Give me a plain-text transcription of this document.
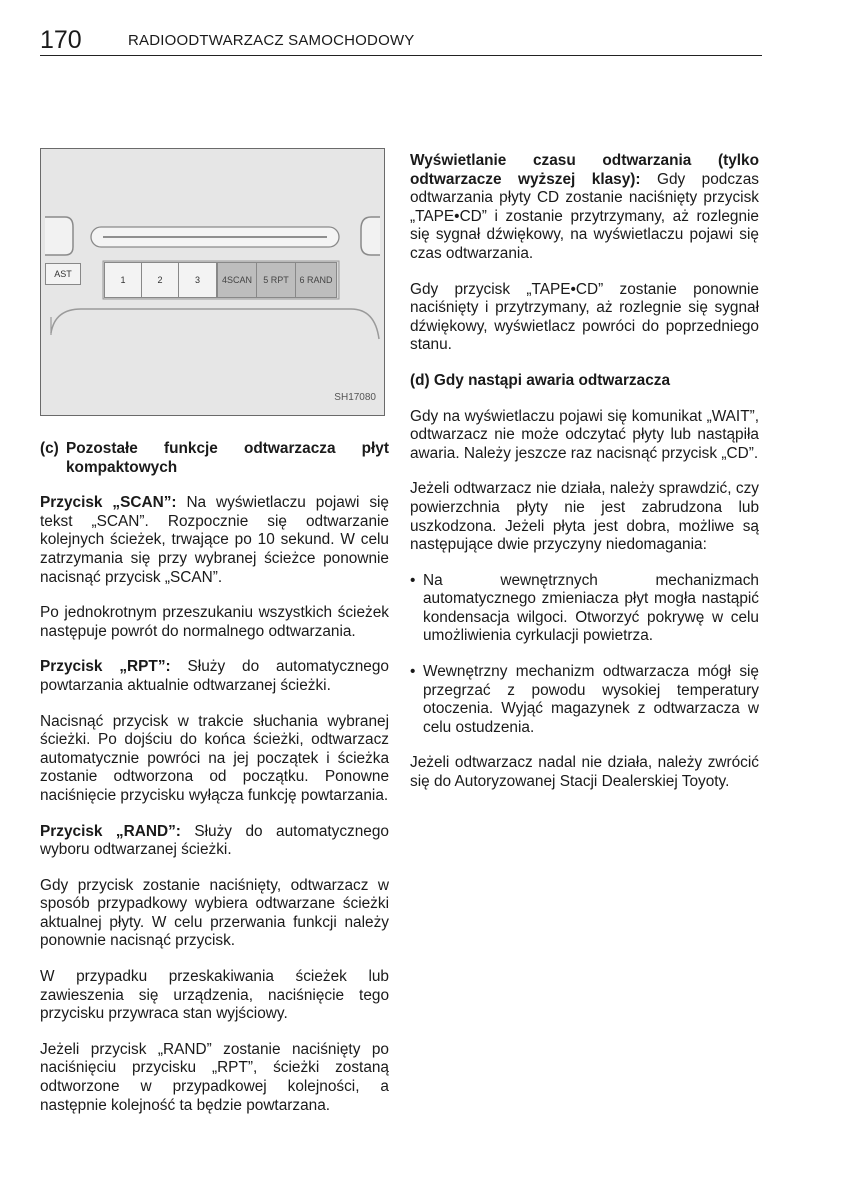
170	RADIOODTWARZACZ SAMOCHODOWY
AST
1	2	3	4SCAN	5 RPT	6 RAND
SH17080
(c) Pozostałe funkcje odtwarzacza płyt kompaktowych

Przycisk „SCAN”: Na wyświetlaczu pojawi się tekst „SCAN”. Rozpocznie się odtwarzanie kolejnych ścieżek, trwające po 10 sekund. W celu zatrzymania się przy wybranej ścieżce ponownie nacisnąć przycisk „SCAN”.

Po jednokrotnym przeszukaniu wszystkich ścieżek następuje powrót do normalnego odtwarzania.

Przycisk „RPT”: Służy do automatycznego powtarzania aktualnie odtwarzanej ścieżki.

Nacisnąć przycisk w trakcie słuchania wybranej ścieżki. Po dojściu do końca ścieżki, odtwarzacz automatycznie powróci na jej początek i ścieżka zostanie odtworzona od początku. Ponowne naciśnięcie przycisku wyłącza funkcję powtarzania.

Przycisk „RAND”: Służy do automatycznego wyboru odtwarzanej ścieżki.

Gdy przycisk zostanie naciśnięty, odtwarzacz w sposób przypadkowy wybiera odtwarzane ścieżki aktualnej płyty. W celu przerwania funkcji należy ponownie nacisnąć przycisk.

W przypadku przeskakiwania ścieżek lub zawieszenia się urządzenia, naciśnięcie tego przycisku przywraca stan wyjściowy.

Jeżeli przycisk „RAND” zostanie naciśnięty po naciśnięciu przycisku „RPT”, ścieżki zostaną odtworzone w przypadkowej kolejności, a następnie kolejność ta będzie powtarzana.

Wyświetlanie czasu odtwarzania (tylko odtwarzacze wyższej klasy): Gdy podczas odtwarzania płyty CD zostanie naciśnięty przycisk „TAPE•CD” i zostanie przytrzymany, aż rozlegnie się sygnał dźwiękowy, na wyświetlaczu pojawi się czas odtwarzania.

Gdy przycisk „TAPE•CD” zostanie ponownie naciśnięty i przytrzymany, aż rozlegnie się sygnał dźwiękowy, wyświetlacz powróci do poprzedniego stanu.

(d) Gdy nastąpi awaria odtwarzacza

Gdy na wyświetlaczu pojawi się komunikat „WAIT”, odtwarzacz nie może odczytać płyty lub nastąpiła awaria. Należy jeszcze raz nacisnąć przycisk „CD”.

Jeżeli odtwarzacz nie działa, należy sprawdzić, czy powierzchnia płyty nie jest zabrudzona lub uszkodzona. Jeżeli płyta jest dobra, możliwe są następujące dwie przyczyny niedomagania:

• Na wewnętrznych mechanizmach automatycznego zmieniacza płyt mogła nastąpić kondensacja wilgoci. Otworzyć pokrywę w celu umożliwienia cyrkulacji powietrza.
• Wewnętrzny mechanizm odtwarzacza mógł się przegrzać z powodu wysokiej temperatury otoczenia. Wyjąć magazynek z odtwarzacza w celu ostudzenia.

Jeżeli odtwarzacz nadal nie działa, należy zwrócić się do Autoryzowanej Stacji Dealerskiej Toyoty.
